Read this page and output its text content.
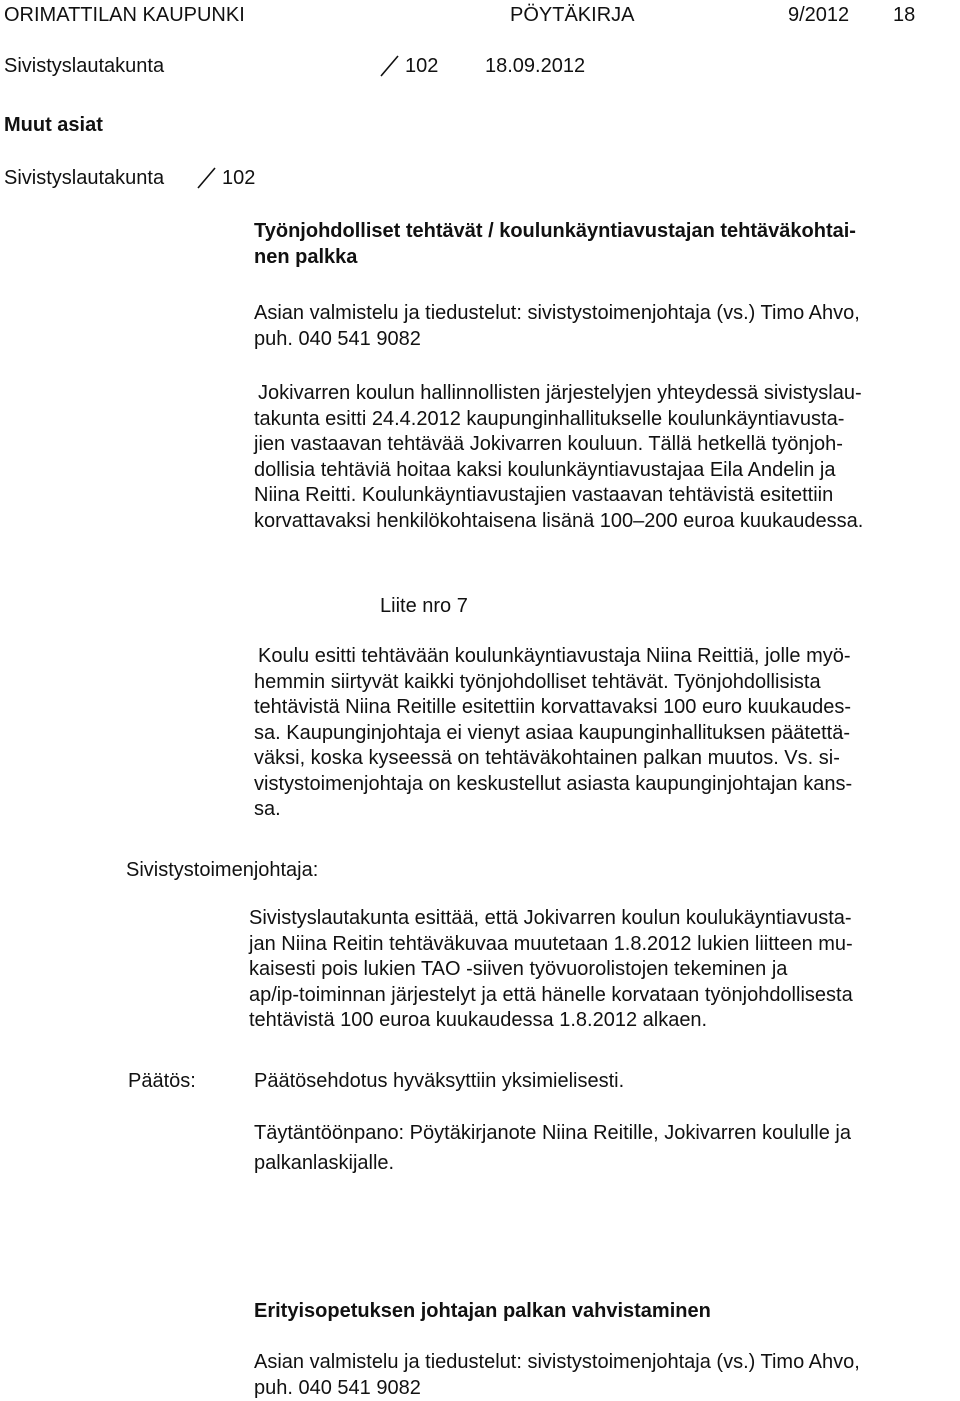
ORIMATTILAN KAUPUNKI	PÖYTÄKIRJA	9/2012 18
Sivistyslautakunta	102 18.09.2012
Muut asiat
Sivistyslautakunta	102
Työnjohdolliset tehtävät / koulunkäyntiavustajan tehtäväkohtai-
nen palkka
Asian valmistelu ja tiedustelut: sivistystoimenjohtaja (vs.) Timo Ahvo,
puh. 040 541 9082
Jokivarren koulun hallinnollisten järjestelyjen yhteydessä sivistyslau-
takunta esitti 24.4.2012 kaupunginhallitukselle koulunkäyntiavusta-
jien vastaavan tehtävää Jokivarren kouluun. Tällä hetkellä työnjoh-
dollisia tehtäviä hoitaa kaksi koulunkäyntiavustajaa Eila Andelin ja
Niina Reitti. Koulunkäyntiavustajien vastaavan tehtävistä esitettiin
korvattavaksi henkilökohtaisena lisänä 100–200 euroa kuukaudessa.
Liite nro 7
Koulu esitti tehtävään koulunkäyntiavustaja Niina Reittiä, jolle myö-
hemmin siirtyvät kaikki työnjohdolliset tehtävät. Työnjohdollisista
tehtävistä Niina Reitille esitettiin korvattavaksi 100 euro kuukaudes-
sa. Kaupunginjohtaja ei vienyt asiaa kaupunginhallituksen päätettä-
väksi, koska kyseessä on tehtäväkohtainen palkan muutos. Vs. si-
vistystoimenjohtaja on keskustellut asiasta kaupunginjohtajan kans-
sa.
Sivistystoimenjohtaja:
Sivistyslautakunta esittää, että Jokivarren koulun koulukäyntiavusta-
jan Niina Reitin tehtäväkuvaa muutetaan 1.8.2012 lukien liitteen mu-
kaisesti pois lukien TAO -siiven työvuorolistojen tekeminen ja
ap/ip-toiminnan järjestelyt ja että hänelle korvataan työnjohdollisesta
tehtävistä 100 euroa kuukaudessa 1.8.2012 alkaen.
Päätös:	Päätösehdotus hyväksyttiin yksimielisesti.
Täytäntöönpano: Pöytäkirjanote Niina Reitille, Jokivarren koululle ja
palkanlaskijalle.
Erityisopetuksen johtajan palkan vahvistaminen
Asian valmistelu ja tiedustelut: sivistystoimenjohtaja (vs.) Timo Ahvo,
puh. 040 541 9082
